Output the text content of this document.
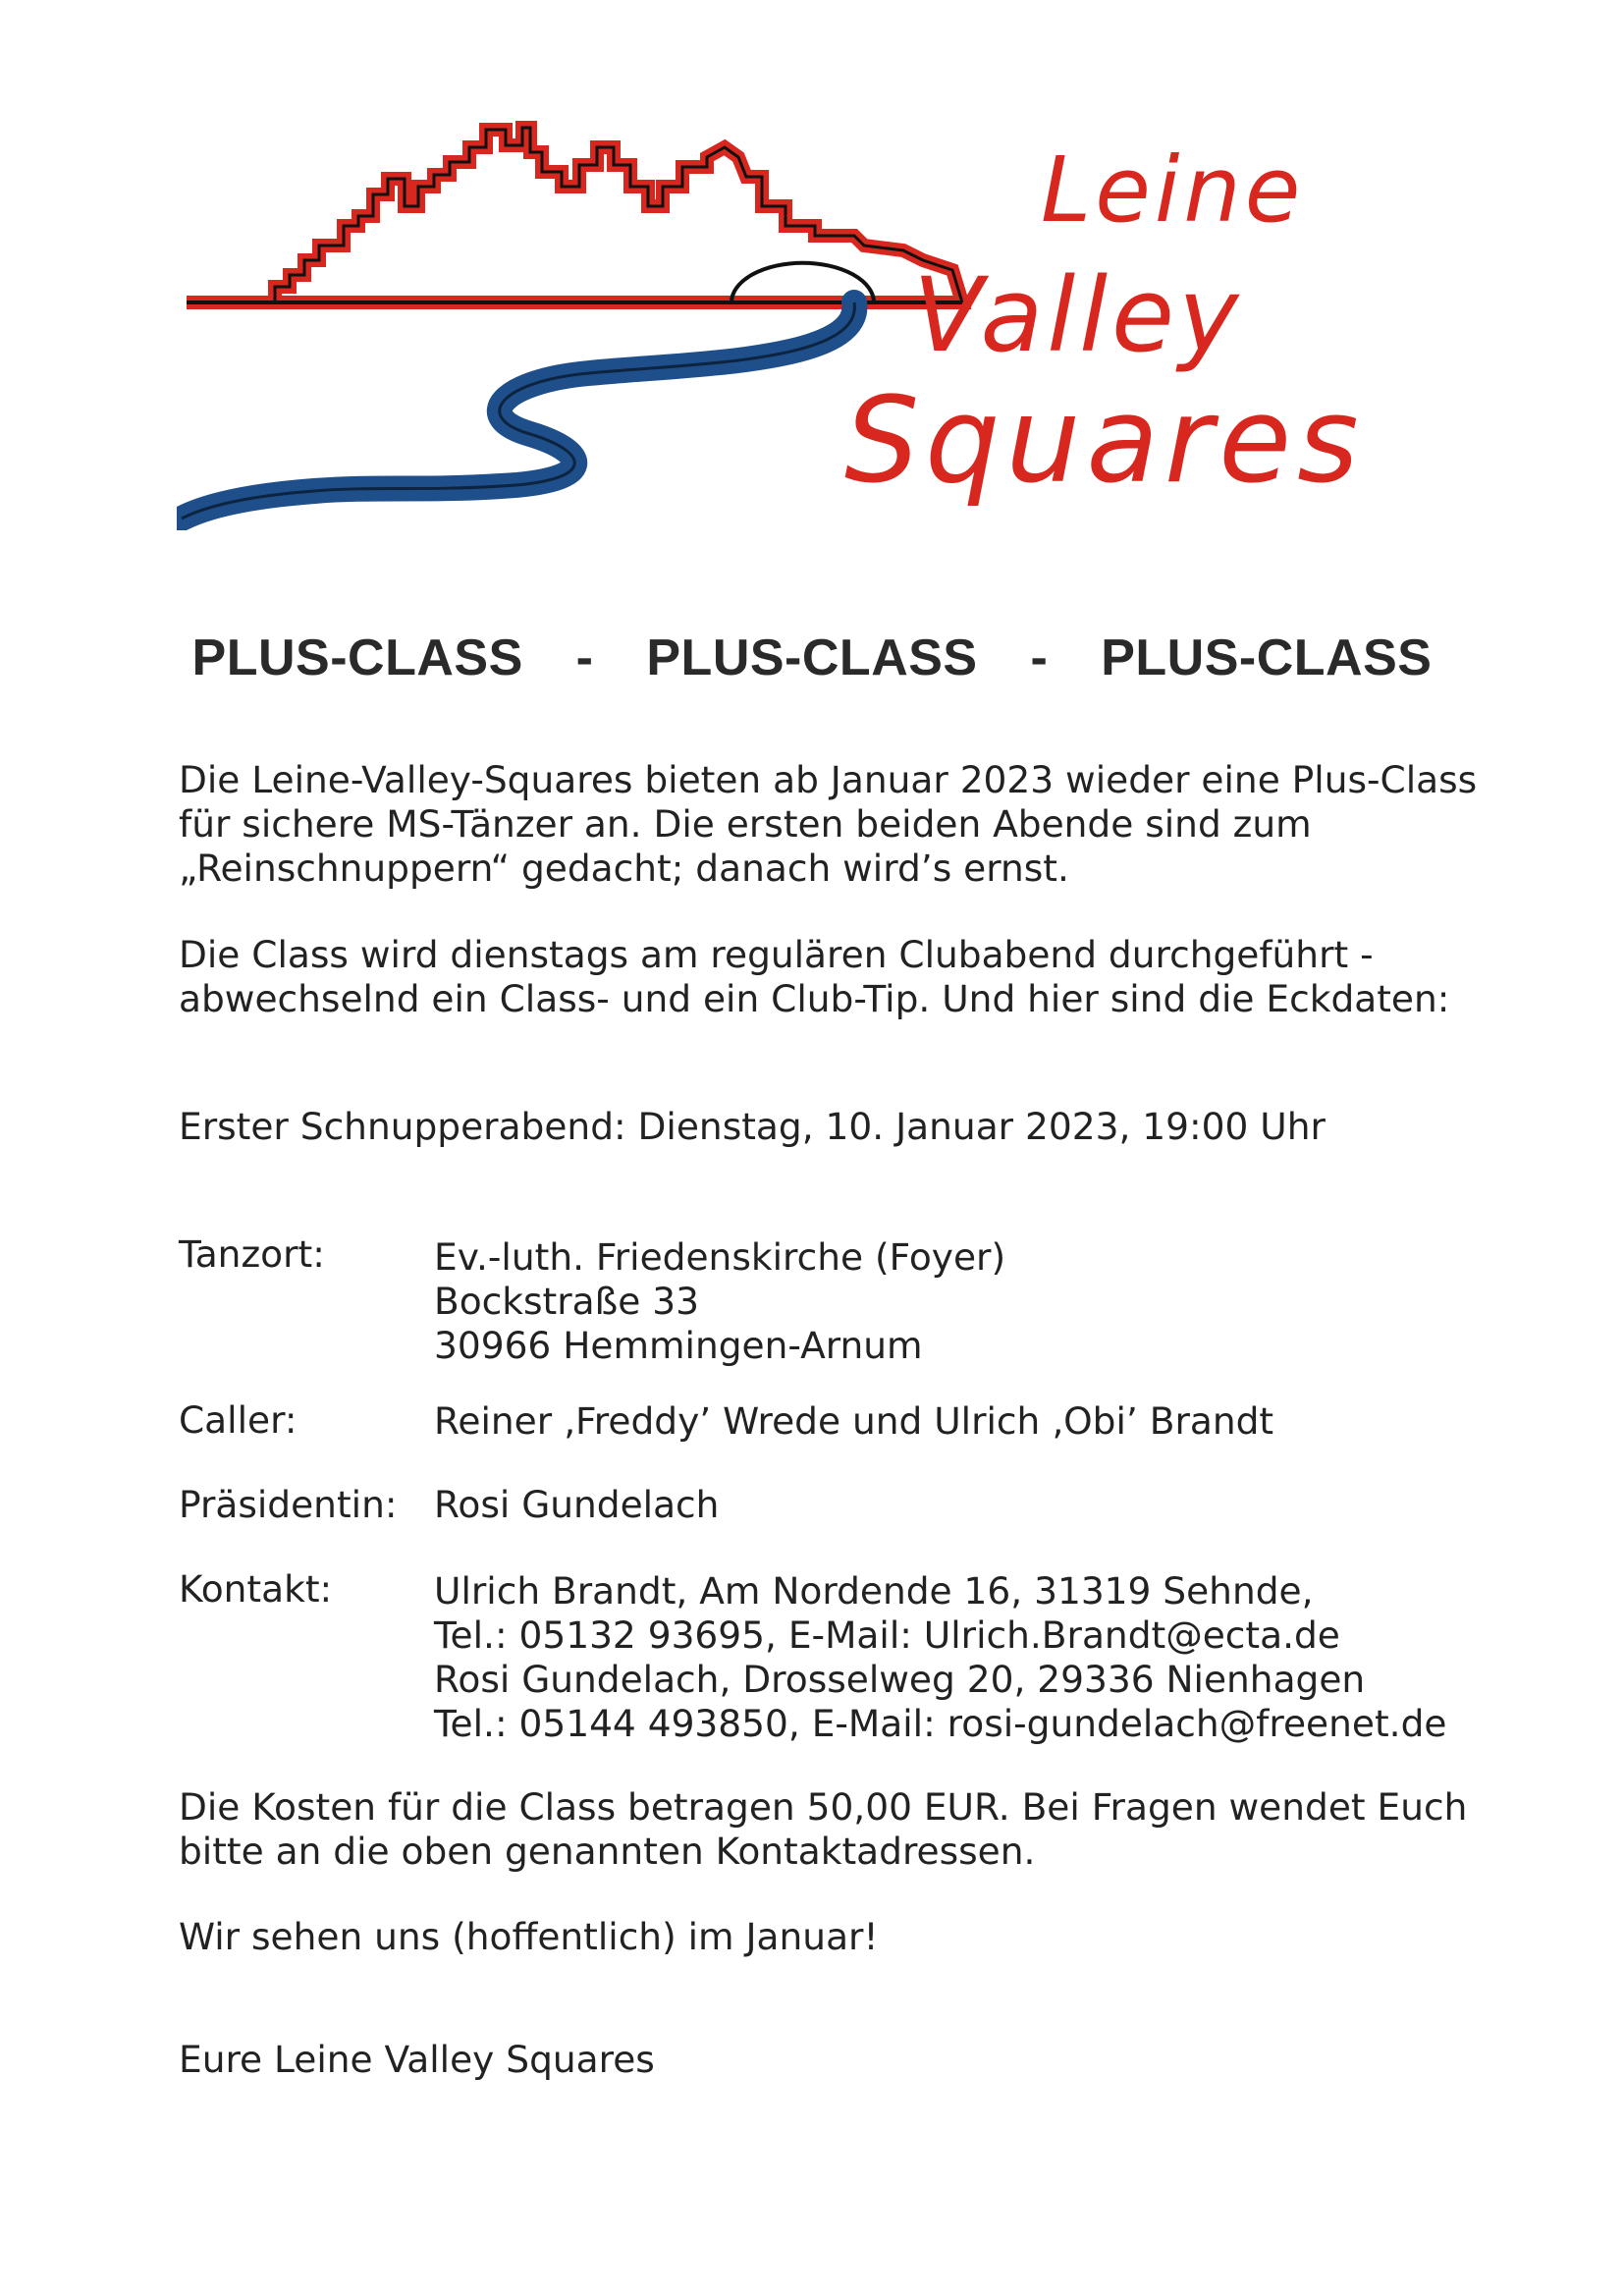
Leine
Valley
Squares
PLUS-CLASS  -  PLUS-CLASS  -  PLUS-CLASS
Die Leine-Valley-Squares bieten ab Januar 2023 wieder eine Plus-Class
für sichere MS-Tänzer an. Die ersten beiden Abende sind zum
„Reinschnuppern“ gedacht; danach wird’s ernst.
Die Class wird dienstags am regulären Clubabend durchgeführt -
abwechselnd ein Class- und ein Club-Tip. Und hier sind die Eckdaten:
Erster Schnupperabend: Dienstag, 10. Januar 2023, 19:00 Uhr
Tanzort:	Ev.-luth. Friedenskirche (Foyer)
Bockstraße 33
30966 Hemmingen-Arnum
Caller:	Reiner ‚Freddy’ Wrede und Ulrich ‚Obi’ Brandt
Präsidentin: Rosi Gundelach
Kontakt:	Ulrich Brandt, Am Nordende 16, 31319 Sehnde,
Tel.: 05132 93695, E-Mail: Ulrich.Brandt@ecta.de
Rosi Gundelach, Drosselweg 20, 29336 Nienhagen
Tel.: 05144 493850, E-Mail: rosi-gundelach@freenet.de
Die Kosten für die Class betragen 50,00 EUR. Bei Fragen wendet Euch
bitte an die oben genannten Kontaktadressen.
Wir sehen uns (hoffentlich) im Januar!
Eure Leine Valley Squares
